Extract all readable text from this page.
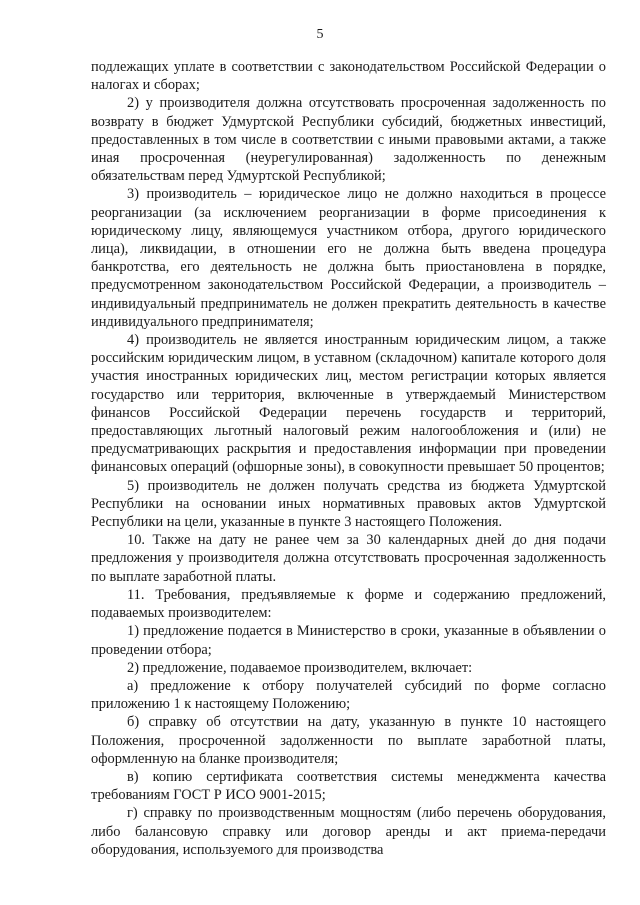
5

подлежащих уплате в соответствии с законодательством Российской Федерации о налогах и сборах;

2) у производителя должна отсутствовать просроченная задолженность по возврату в бюджет Удмуртской Республики субсидий, бюджетных инвестиций, предоставленных в том числе в соответствии с иными правовыми актами, а также иная просроченная (неурегулированная) задолженность по денежным обязательствам перед Удмуртской Республикой;

3) производитель – юридическое лицо не должно находиться в процессе реорганизации (за исключением реорганизации в форме присоединения к юридическому лицу, являющемуся участником отбора, другого юридического лица), ликвидации, в отношении его не должна быть введена процедура банкротства, его деятельность не должна быть приостановлена в порядке, предусмотренном законодательством Российской Федерации, а производитель – индивидуальный предприниматель не должен прекратить деятельность в качестве индивидуального предпринимателя;

4) производитель не является иностранным юридическим лицом, а также российским юридическим лицом, в уставном (складочном) капитале которого доля участия иностранных юридических лиц, местом регистрации которых является государство или территория, включенные в утверждаемый Министерством финансов Российской Федерации перечень государств и территорий, предоставляющих льготный налоговый режим налогообложения и (или) не предусматривающих раскрытия и предоставления информации при проведении финансовых операций (офшорные зоны), в совокупности превышает 50 процентов;

5) производитель не должен получать средства из бюджета Удмуртской Республики на основании иных нормативных правовых актов Удмуртской Республики на цели, указанные в пункте 3 настоящего Положения.

10. Также на дату не ранее чем за 30 календарных дней до дня подачи предложения у производителя должна отсутствовать просроченная задолженность по выплате заработной платы.

11. Требования, предъявляемые к форме и содержанию предложений, подаваемых производителем:

1) предложение подается в Министерство в сроки, указанные в объявлении о проведении отбора;

2) предложение, подаваемое производителем, включает:

а) предложение к отбору получателей субсидий по форме согласно приложению 1 к настоящему Положению;

б) справку об отсутствии на дату, указанную в пункте 10 настоящего Положения, просроченной задолженности по выплате заработной платы, оформленную на бланке производителя;

в) копию сертификата соответствия системы менеджмента качества требованиям ГОСТ Р ИСО 9001-2015;

г) справку по производственным мощностям (либо перечень оборудования, либо балансовую справку или договор аренды и акт приема-передачи оборудования, используемого для производства
